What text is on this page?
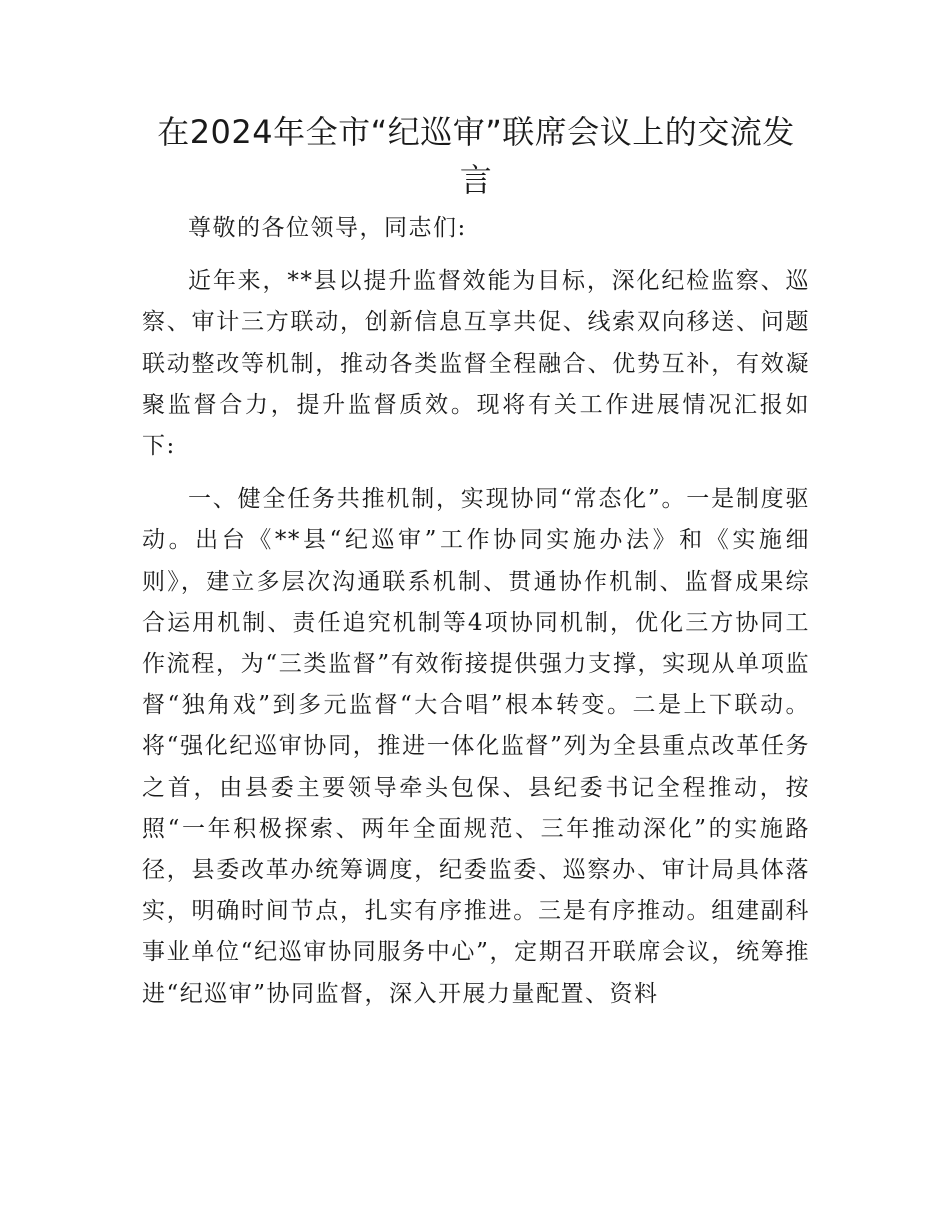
在2024年全市“纪巡审”联席会议上的交流发言

尊敬的各位领导，同志们:

近年来，**县以提升监督效能为目标，深化纪检监察、巡察、审计三方联动，创新信息互享共促、线索双向移送、问题联动整改等机制，推动各类监督全程融合、优势互补，有效凝聚监督合力，提升监督质效。现将有关工作进展情况汇报如下:

一、健全任务共推机制，实现协同“常态化”。一是制度驱动。出台《**县“纪巡审”工作协同实施办法》和《实施细则》，建立多层次沟通联系机制、贯通协作机制、监督成果综合运用机制、责任追究机制等4项协同机制，优化三方协同工作流程，为“三类监督”有效衔接提供强力支撑，实现从单项监督“独角戏”到多元监督“大合唱”根本转变。二是上下联动。将“强化纪巡审协同，推进一体化监督”列为全县重点改革任务之首，由县委主要领导牵头包保、县纪委书记全程推动，按照“一年积极探索、两年全面规范、三年推动深化”的实施路径，县委改革办统筹调度，纪委监委、巡察办、审计局具体落实，明确时间节点，扎实有序推进。三是有序推动。组建副科事业单位“纪巡审协同服务中心”，定期召开联席会议，统筹推进“纪巡审”协同监督，深入开展力量配置、资料
